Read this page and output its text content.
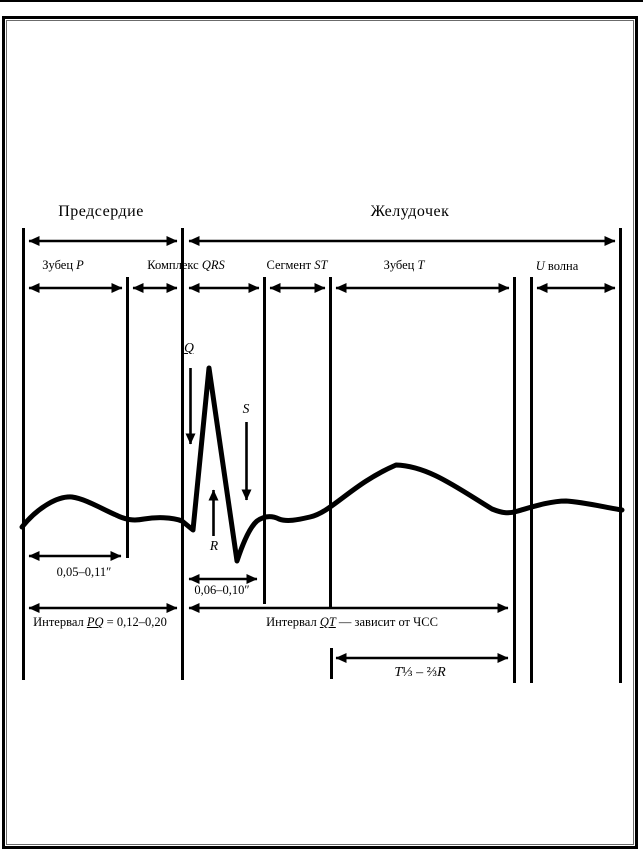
Предсердие	Желудочек
Зубец P	Комплекс QRS	Сегмент ST	Зубец T	U волна
Q
S
R
0,05–0,11″
0,06–0,10″
Интервал PQ = 0,12–0,20	Интервал QT — зависит от ЧСС
T⅓ – ⅔R
